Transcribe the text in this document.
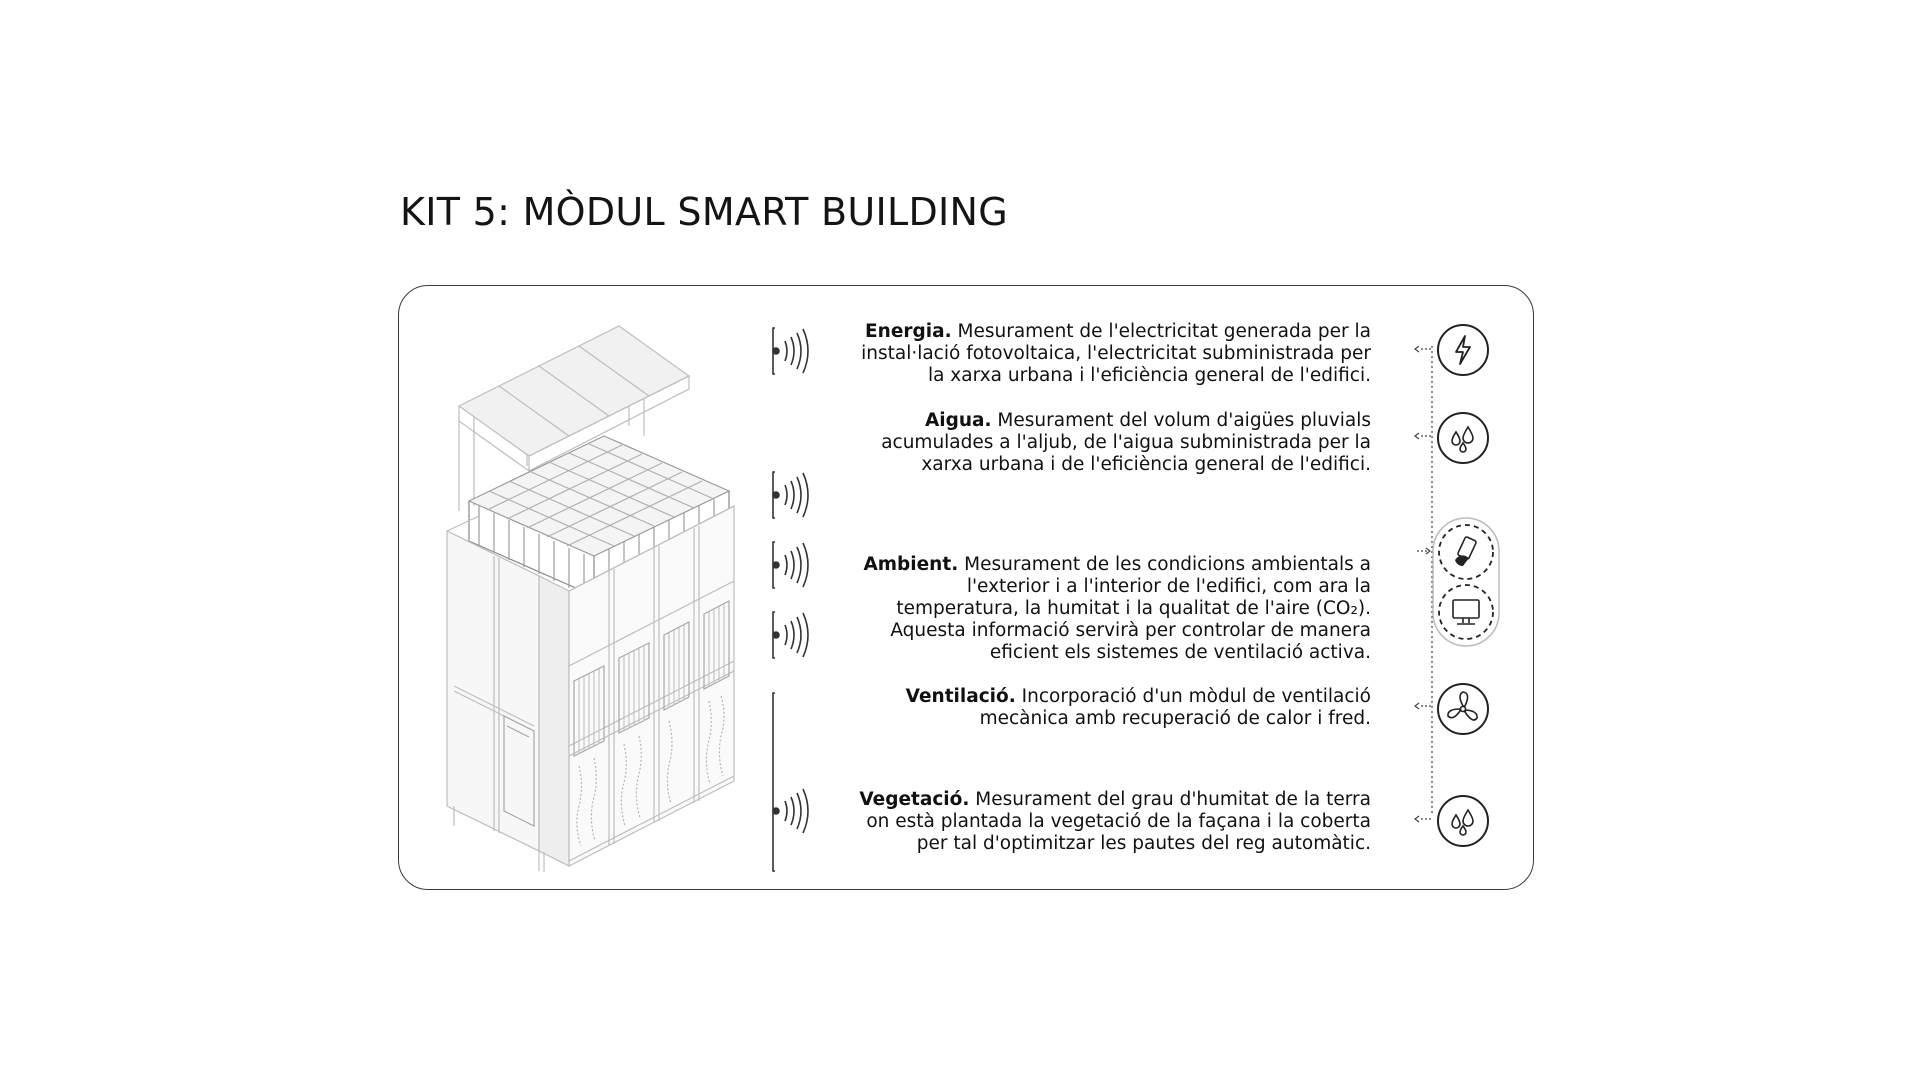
KIT 5: MÒDUL SMART BUILDING
Energia. Mesurament de l'electricitat generada per la instal·lació fotovoltaica, l'electricitat subministrada per la xarxa urbana i l'eficiència general de l'edifici.
Aigua. Mesurament del volum d'aigües pluvials acumulades a l'aljub, de l'aigua subministrada per la xarxa urbana i de l'eficiència general de l'edifici.
Ambient. Mesurament de les condicions ambientals a l'exterior i a l'interior de l'edifici, com ara la temperatura, la humitat i la qualitat de l'aire (CO₂). Aquesta informació servirà per controlar de manera eficient els sistemes de ventilació activa.
Ventilació. Incorporació d'un mòdul de ventilació mecànica amb recuperació de calor i fred.
Vegetació. Mesurament del grau d'humitat de la terra on està plantada la vegetació de la façana i la coberta per tal d'optimitzar les pautes del reg automàtic.
